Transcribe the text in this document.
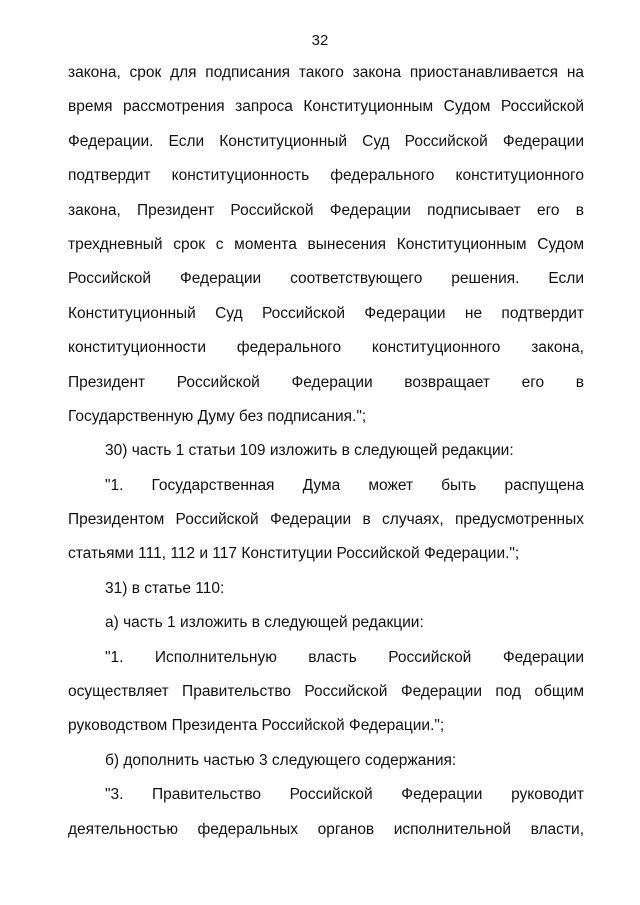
32
закона, срок для подписания такого закона приостанавливается на
время рассмотрения запроса Конституционным Судом Российской
Федерации. Если Конституционный Суд Российской Федерации
подтвердит конституционность федерального конституционного
закона, Президент Российской Федерации подписывает его в
трехдневный срок с момента вынесения Конституционным Судом
Российской Федерации соответствующего решения. Если
Конституционный Суд Российской Федерации не подтвердит
конституционности федерального конституционного закона,
Президент Российской Федерации возвращает его в
Государственную Думу без подписания.";
30) часть 1 статьи 109 изложить в следующей редакции:
"1. Государственная Дума может быть распущена
Президентом Российской Федерации в случаях, предусмотренных
статьями 111, 112 и 117 Конституции Российской Федерации.";
31) в статье 110:
а) часть 1 изложить в следующей редакции:
"1. Исполнительную власть Российской Федерации
осуществляет Правительство Российской Федерации под общим
руководством Президента Российской Федерации.";
б) дополнить частью 3 следующего содержания:
"3. Правительство Российской Федерации руководит
деятельностью федеральных органов исполнительной власти,
